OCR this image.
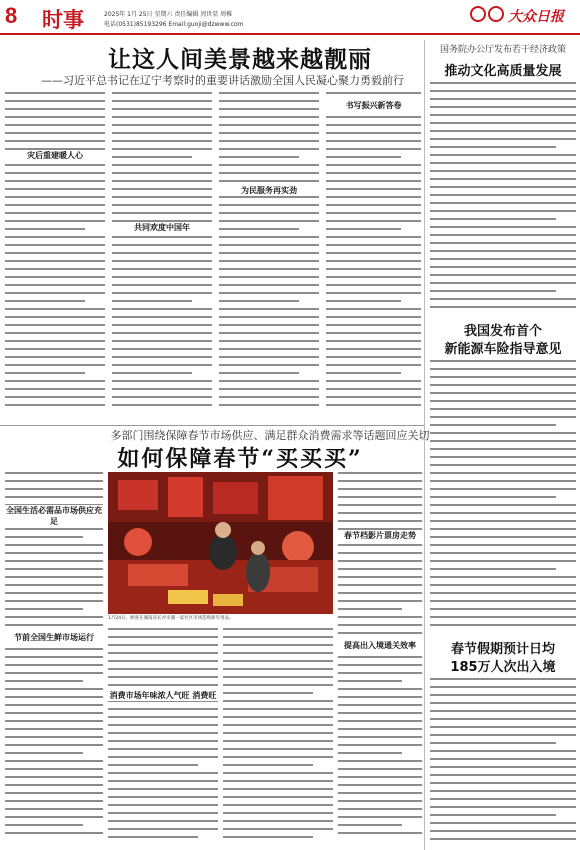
8	时事	2025年 1月 25日 星期六 责任编辑 周世显 周椎
电话(0531)85193296 Email:guoji@dzwww.com	大众日报
让这人间美景越来越靓丽
——习近平总书记在辽宁考察时的重要讲话激励全国人民凝心聚力勇毅前行
灾后重建暖人心
为民服务再实劲
共同欢度中国年
书写振兴新答卷
国务院办公厅发布若干经济政策
推动文化高质量发展
我国发布首个
新能源车险指导意见
春节假期预计日均
185万人次出入境
多部门围绕保障春节市场供应、满足群众消费需求等话题回应关切
如何保障春节“买买买”
全国生活必需品市场供应充足
节前全国生鲜市场运行
1月24日，顾客在湖南省长沙市湖一家社区市场选购新年用品。
消费市场年味浓人气旺 消费旺
春节档影片票房走势
提高出入境通关效率
